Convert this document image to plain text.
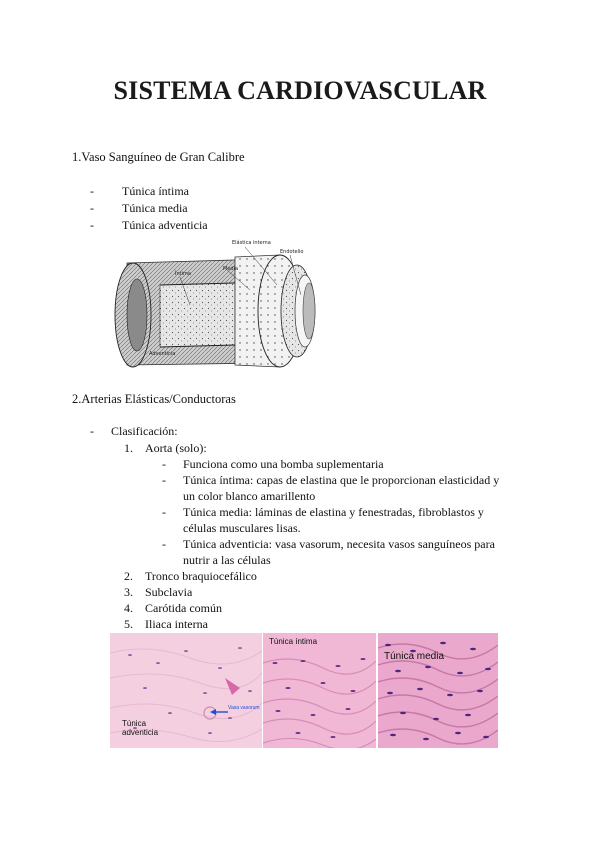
SISTEMA CARDIOVASCULAR
1.Vaso Sanguíneo de Gran Calibre
- Túnica íntima
- Túnica media
- Túnica adventicia
Elástica interna
Endotelio
Íntima
Media
Adventicia
2.Arterias Elásticas/Conductoras
- Clasificación:
1. Aorta (solo):
- Funciona como una bomba suplementaria
- Túnica íntima: capas de elastina que le proporcionan elasticidad y un color blanco amarillento
- Túnica media: láminas de elastina y fenestradas, fibroblastos y células musculares lisas.
- Túnica adventicia: vasa vasorum, necesita vasos sanguíneos para nutrir a las células
2. Tronco braquiocefálico
3. Subclavia
4. Carótida común
5. Iliaca interna
Túnica
adventicia
Vasa vasorum
Túnica íntima
Túnica media
